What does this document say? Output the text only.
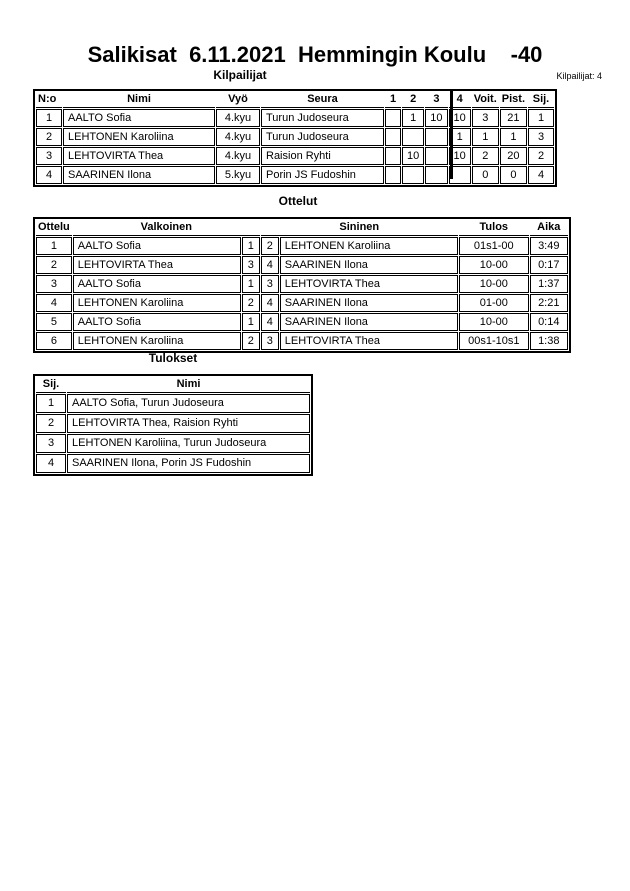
Salikisat  6.11.2021  Hemmingin Koulu    -40
Kilpailijat	Kilpailijat: 4
N:o	Nimi	Vyö	Seura	1	2	3	4	Voit.	Pist.	Sij.
1	AALTO Sofia	4.kyu	Turun Judoseura		1	10	10	3	21	1
2	LEHTONEN Karoliina	4.kyu	Turun Judoseura				1	1	1	3
3	LEHTOVIRTA Thea	4.kyu	Raision Ryhti		10		10	2	20	2
4	SAARINEN Ilona	5.kyu	Porin JS Fudoshin					0	0	4
Ottelut
Ottelu	Valkoinen		Sininen		Tulos	Aika
1	AALTO Sofia	1	2	LEHTONEN Karoliina	01s1-00	3:49
2	LEHTOVIRTA Thea	3	4	SAARINEN Ilona	10-00	0:17
3	AALTO Sofia	1	3	LEHTOVIRTA Thea	10-00	1:37
4	LEHTONEN Karoliina	2	4	SAARINEN Ilona	01-00	2:21
5	AALTO Sofia	1	4	SAARINEN Ilona	10-00	0:14
6	LEHTONEN Karoliina	2	3	LEHTOVIRTA Thea	00s1-10s1	1:38
Tulokset
Sij.	Nimi
1	AALTO Sofia, Turun Judoseura
2	LEHTOVIRTA Thea, Raision Ryhti
3	LEHTONEN Karoliina, Turun Judoseura
4	SAARINEN Ilona, Porin JS Fudoshin
